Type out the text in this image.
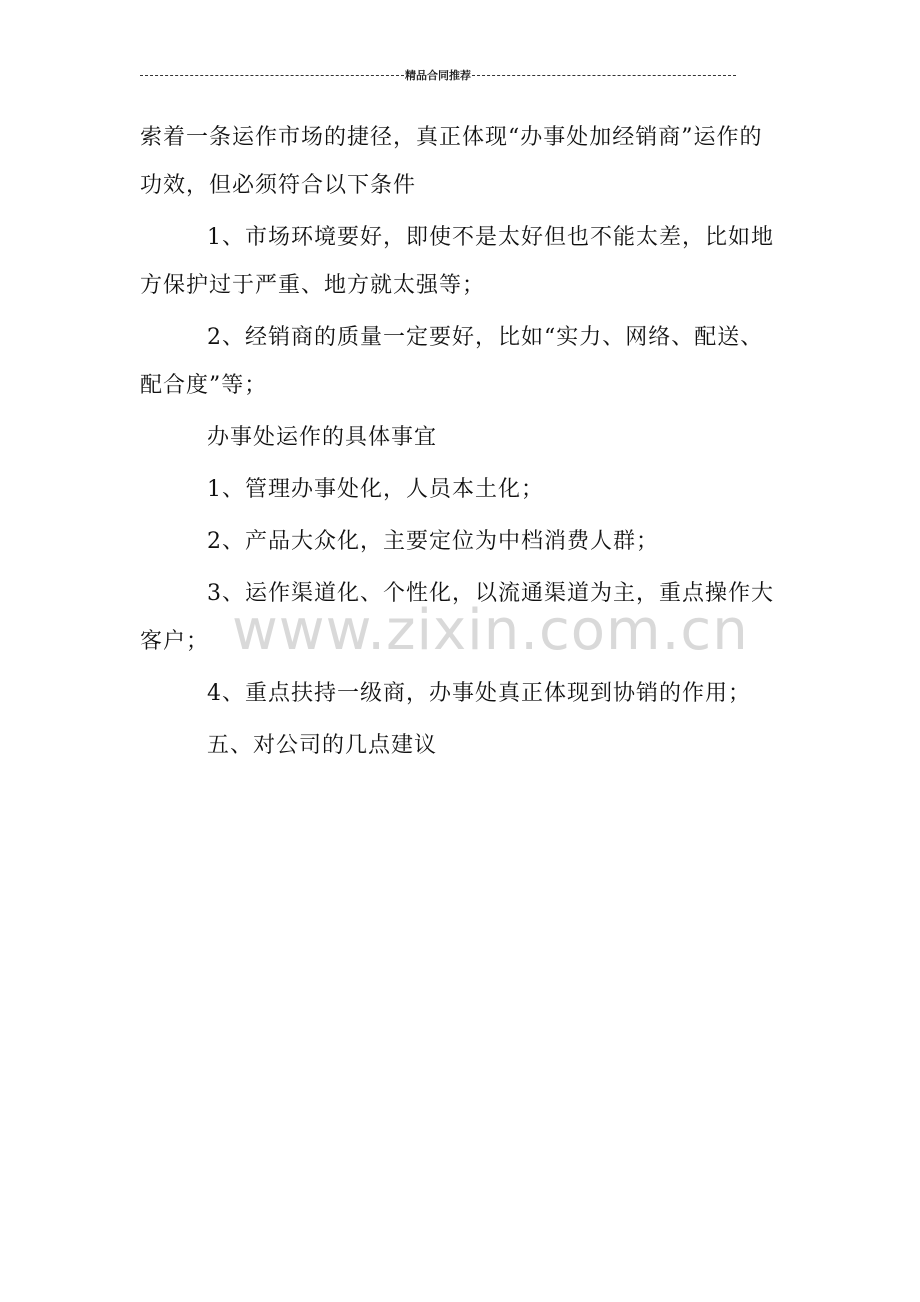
精品合同推荐
www.zixin.com.cn
索着一条运作市场的捷径，真正体现“办事处加经销商”运作的
功效，但必须符合以下条件
1、市场环境要好，即使不是太好但也不能太差，比如地
方保护过于严重、地方就太强等；
2、经销商的质量一定要好，比如“实力、网络、配送、
配合度”等；
办事处运作的具体事宜
1、管理办事处化，人员本土化；
2、产品大众化，主要定位为中档消费人群；
3、运作渠道化、个性化，以流通渠道为主，重点操作大
客户；
4、重点扶持一级商，办事处真正体现到协销的作用；
五、对公司的几点建议
